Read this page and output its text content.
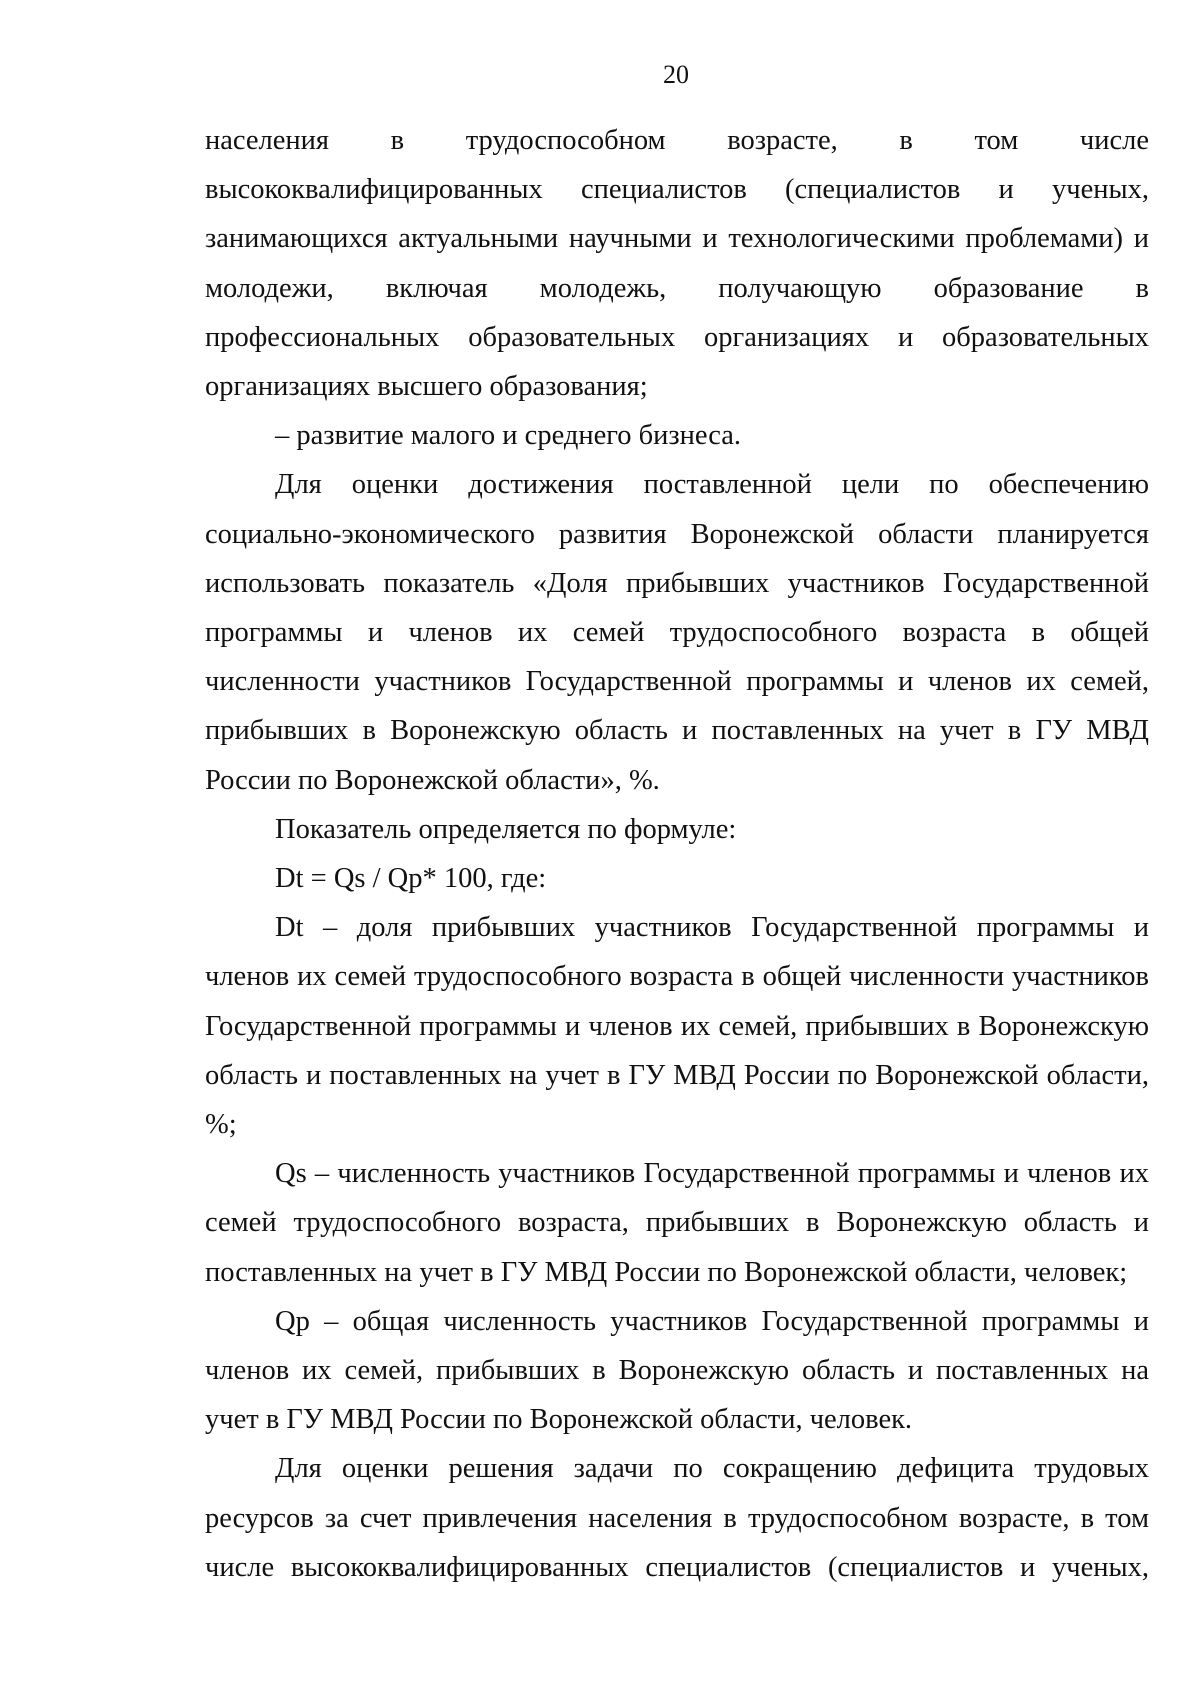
20

населения в трудоспособном возрасте, в том числе высококвалифицированных специалистов (специалистов и ученых, занимающихся актуальными научными и технологическими проблемами) и молодежи, включая молодежь, получающую образование в профессиональных образовательных организациях и образовательных организациях высшего образования;

– развитие малого и среднего бизнеса.

Для оценки достижения поставленной цели по обеспечению социально-экономического развития Воронежской области планируется использовать показатель «Доля прибывших участников Государственной программы и членов их семей трудоспособного возраста в общей численности участников Государственной программы и членов их семей, прибывших в Воронежскую область и поставленных на учет в ГУ МВД России по Воронежской области», %.

Показатель определяется по формуле:

Dt = Qs / Qp* 100, где:

Dt – доля прибывших участников Государственной программы и членов их семей трудоспособного возраста в общей численности участников Государственной программы и членов их семей, прибывших в Воронежскую область и поставленных на учет в ГУ МВД России по Воронежской области, %;

Qs – численность участников Государственной программы и членов их семей трудоспособного возраста, прибывших в Воронежскую область и поставленных на учет в ГУ МВД России по Воронежской области, человек;

Qp – общая численность участников Государственной программы и членов их семей, прибывших в Воронежскую область и поставленных на учет в ГУ МВД России по Воронежской области, человек.

Для оценки решения задачи по сокращению дефицита трудовых ресурсов за счет привлечения населения в трудоспособном возрасте, в том числе высококвалифицированных специалистов (специалистов и ученых,
